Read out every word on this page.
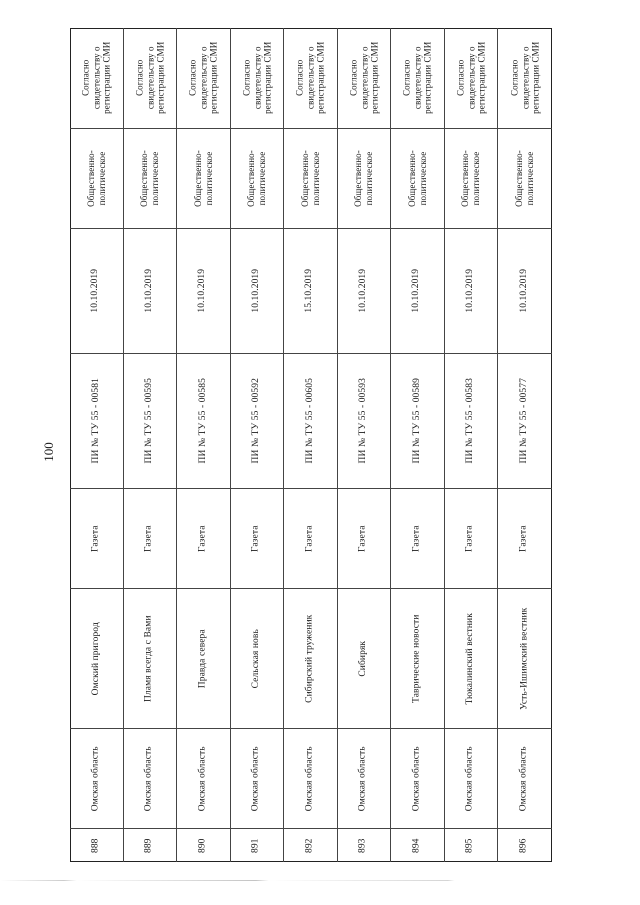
100
Согласно свидетельству о регистрации СМИ
Общественно- политическое
10.10.2019
ПИ № ТУ 55 - 00581
Газета
Омский пригород
Омская область
888
Согласно свидетельству о регистрации СМИ
Общественно- политическое
10.10.2019
ПИ № ТУ 55 - 00595
Газета
Пламя всегда с Вами
Омская область
889
Согласно свидетельству о регистрации СМИ
Общественно- политическое
10.10.2019
ПИ № ТУ 55 - 00585
Газета
Правда севера
Омская область
890
Согласно свидетельству о регистрации СМИ
Общественно- политическое
10.10.2019
ПИ № ТУ 55 - 00592
Газета
Сельская новь
Омская область
891
Согласно свидетельству о регистрации СМИ
Общественно- политическое
15.10.2019
ПИ № ТУ 55 - 00605
Газета
Сибирский труженик
Омская область
892
Согласно свидетельству о регистрации СМИ
Общественно- политическое
10.10.2019
ПИ № ТУ 55 - 00593
Газета
Сибиряк
Омская область
893
Согласно свидетельству о регистрации СМИ
Общественно- политическое
10.10.2019
ПИ № ТУ 55 - 00589
Газета
Таврические новости
Омская область
894
Согласно свидетельству о регистрации СМИ
Общественно- политическое
10.10.2019
ПИ № ТУ 55 - 00583
Газета
Тюкалинский вестник
Омская область
895
Согласно свидетельству о регистрации СМИ
Общественно- политическое
10.10.2019
ПИ № ТУ 55 - 00577
Газета
Усть-Ишимский вестник
Омская область
896
